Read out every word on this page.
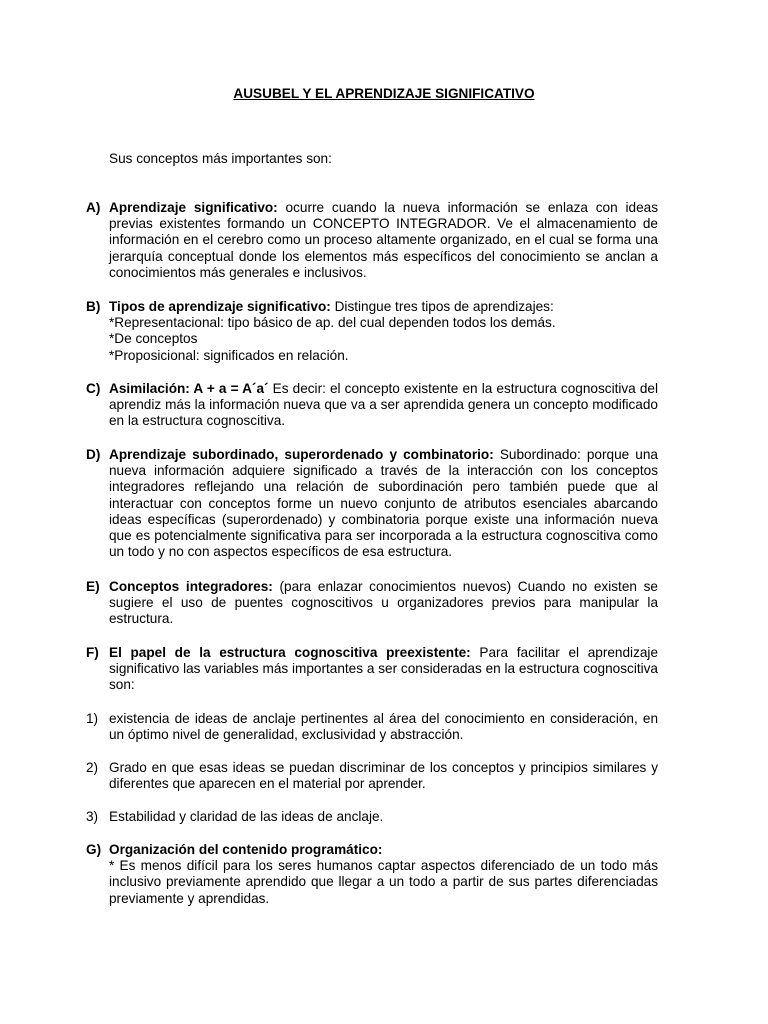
AUSUBEL Y EL APRENDIZAJE SIGNIFICATIVO
Sus conceptos más importantes son:
A) Aprendizaje significativo: ocurre cuando la nueva información se enlaza con ideas previas existentes formando un CONCEPTO INTEGRADOR. Ve el almacenamiento de información en el cerebro como un proceso altamente organizado, en el cual se forma una jerarquía conceptual donde los elementos más específicos del conocimiento se anclan a conocimientos más generales e inclusivos.
B) Tipos de aprendizaje significativo: Distingue tres tipos de aprendizajes:
*Representacional: tipo básico de ap. del cual dependen todos los demás.
*De conceptos
*Proposicional: significados en relación.
C) Asimilación: A + a = A´a´ Es decir: el concepto existente en la estructura cognoscitiva del aprendiz más la información nueva que va a ser aprendida genera un concepto modificado en la estructura cognoscitiva.
D) Aprendizaje subordinado, superordenado y combinatorio: Subordinado: porque una nueva información adquiere significado a través de la interacción con los conceptos integradores reflejando una relación de subordinación pero también puede que al interactuar con conceptos forme un nuevo conjunto de atributos esenciales abarcando ideas específicas (superordenado) y combinatoria porque existe una información nueva que es potencialmente significativa para ser incorporada a la estructura cognoscitiva como un todo y no con aspectos específicos de esa estructura.
E) Conceptos integradores: (para enlazar conocimientos nuevos) Cuando no existen se sugiere el uso de puentes cognoscitivos u organizadores previos para manipular la estructura.
F) El papel de la estructura cognoscitiva preexistente: Para facilitar el aprendizaje significativo las variables más importantes a ser consideradas en la estructura cognoscitiva son:
1) existencia de ideas de anclaje pertinentes al área del conocimiento en consideración, en un óptimo nivel de generalidad, exclusividad y abstracción.
2) Grado en que esas ideas se puedan discriminar de los conceptos y principios similares y diferentes que aparecen en el material por aprender.
3) Estabilidad y claridad de las ideas de anclaje.
G) Organización del contenido programático:
* Es menos difícil para los seres humanos captar aspectos diferenciado de un todo más inclusivo previamente aprendido que llegar a un todo a partir de sus partes diferenciadas previamente y aprendidas.
